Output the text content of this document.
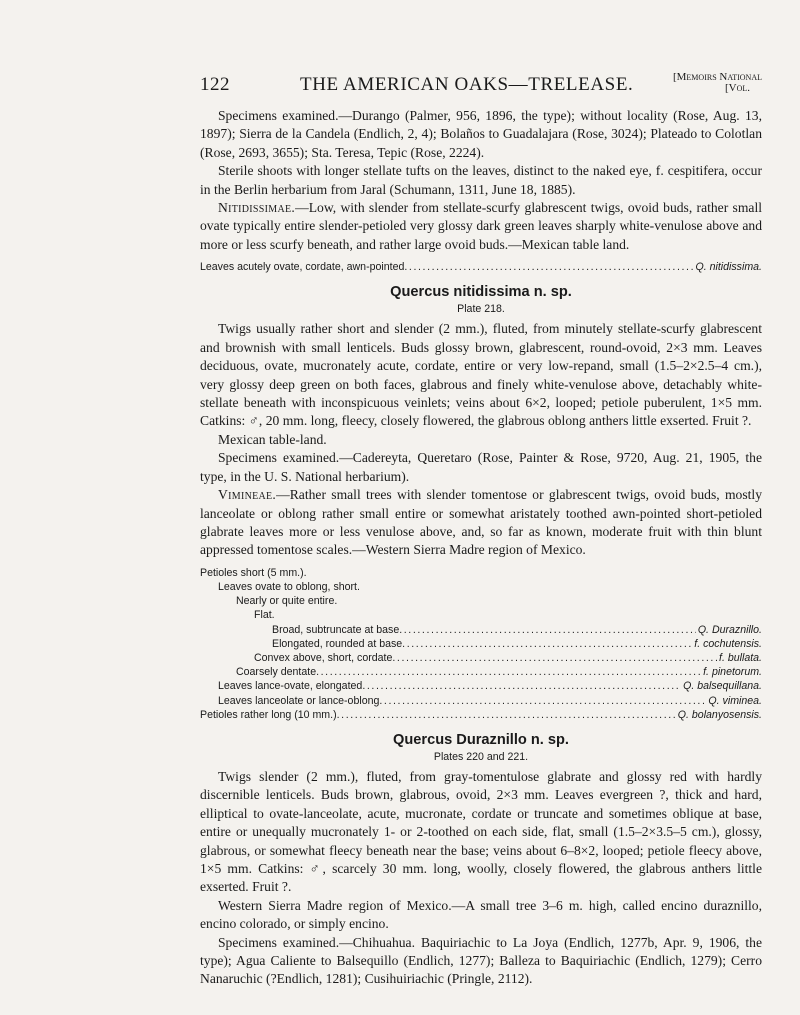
122	THE AMERICAN OAKS—TRELEASE.	[Memoirs National
[Vol.

Specimens examined.—Durango (Palmer, 956, 1896, the type); without locality (Rose, Aug. 13, 1897); Sierra de la Candela (Endlich, 2, 4); Bolaños to Guadalajara (Rose, 3024); Plateado to Colotlan (Rose, 2693, 3655); Sta. Teresa, Tepic (Rose, 2224).

Sterile shoots with longer stellate tufts on the leaves, distinct to the naked eye, f. cespitifera, occur in the Berlin herbarium from Jaral (Schumann, 1311, June 18, 1885).

Nitidissimae.—Low, with slender from stellate-scurfy glabrescent twigs, ovoid buds, rather small ovate typically entire slender-petioled very glossy dark green leaves sharply white-venulose above and more or less scurfy beneath, and rather large ovoid buds.—Mexican table land.

Leaves acutely ovate, cordate, awn-pointed .....	Q. nitidissima.
Quercus nitidissima n. sp.
Plate 218.

Twigs usually rather short and slender (2 mm.), fluted, from minutely stellate-scurfy glabrescent and brownish with small lenticels. Buds glossy brown, glabrescent, round-ovoid, 2×3 mm. Leaves deciduous, ovate, mucronately acute, cordate, entire or very low-repand, small (1.5–2×2.5–4 cm.), very glossy deep green on both faces, glabrous and finely white-venulose above, detachably white-stellate beneath with inconspicuous veinlets; veins about 6×2, looped; petiole puberulent, 1×5 mm. Catkins: ♂, 20 mm. long, fleecy, closely flowered, the glabrous oblong anthers little exserted. Fruit ?.

Mexican table-land.

Specimens examined.—Cadereyta, Queretaro (Rose, Painter & Rose, 9720, Aug. 21, 1905, the type, in the U. S. National herbarium).

Vimineae.—Rather small trees with slender tomentose or glabrescent twigs, ovoid buds, mostly lanceolate or oblong rather small entire or somewhat aristately toothed awn-pointed short-petioled glabrate leaves more or less venulose above, and, so far as known, moderate fruit with thin blunt appressed tomentose scales.—Western Sierra Madre region of Mexico.

Petioles short (5 mm.).
Leaves ovate to oblong, short.
Nearly or quite entire.
Flat.
Broad, subtruncate at base .....	Q. Duraznillo.
Elongated, rounded at base .....	f. cochutensis.
Convex above, short, cordate .....	f. bullata.
Coarsely dentate .....	f. pinetorum.
Leaves lance-ovate, elongated .....	Q. balsequillana.
Leaves lanceolate or lance-oblong .....	Q. viminea.
Petioles rather long (10 mm.) .....	Q. bolanyosensis.
Quercus Duraznillo n. sp.
Plates 220 and 221.

Twigs slender (2 mm.), fluted, from gray-tomentulose glabrate and glossy red with hardly discernible lenticels. Buds brown, glabrous, ovoid, 2×3 mm. Leaves evergreen ?, thick and hard, elliptical to ovate-lanceolate, acute, mucronate, cordate or truncate and sometimes oblique at base, entire or unequally mucronately 1- or 2-toothed on each side, flat, small (1.5–2×3.5–5 cm.), glossy, glabrous, or somewhat fleecy beneath near the base; veins about 6–8×2, looped; petiole fleecy above, 1×5 mm. Catkins: ♂, scarcely 30 mm. long, woolly, closely flowered, the glabrous anthers little exserted. Fruit ?.

Western Sierra Madre region of Mexico.—A small tree 3–6 m. high, called encino duraznillo, encino colorado, or simply encino.

Specimens examined.—Chihuahua. Baquiriachic to La Joya (Endlich, 1277b, Apr. 9, 1906, the type); Agua Caliente to Balsequillo (Endlich, 1277); Balleza to Baquiriachic (Endlich, 1279); Cerro Nanaruchic (?Endlich, 1281); Cusihuiriachic (Pringle, 2112).
